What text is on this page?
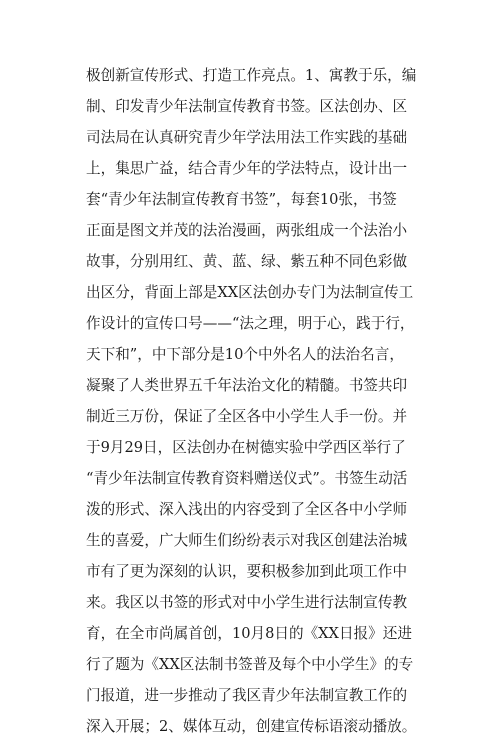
极创新宣传形式、打造工作亮点。1、寓教于乐，编
制、印发青少年法制宣传教育书签。区法创办、区
司法局在认真研究青少年学法用法工作实践的基础
上，集思广益，结合青少年的学法特点，设计出一
套“青少年法制宣传教育书签”，每套10张，书签
正面是图文并茂的法治漫画，两张组成一个法治小
故事，分别用红、黄、蓝、绿、紫五种不同色彩做
出区分，背面上部是XX区法创办专门为法制宣传工
作设计的宣传口号——“法之理，明于心，践于行，
天下和”，中下部分是10个中外名人的法治名言，
凝聚了人类世界五千年法治文化的精髓。书签共印
制近三万份，保证了全区各中小学生人手一份。并
于9月29日，区法创办在树德实验中学西区举行了
“青少年法制宣传教育资料赠送仪式”。书签生动活
泼的形式、深入浅出的内容受到了全区各中小学师
生的喜爱，广大师生们纷纷表示对我区创建法治城
市有了更为深刻的认识，要积极参加到此项工作中
来。我区以书签的形式对中小学生进行法制宣传教
育，在全市尚属首创，10月8日的《XX日报》还进
行了题为《XX区法制书签普及每个中小学生》的专
门报道，进一步推动了我区青少年法制宣教工作的
深入开展；2、媒体互动，创建宣传标语滚动播放。
